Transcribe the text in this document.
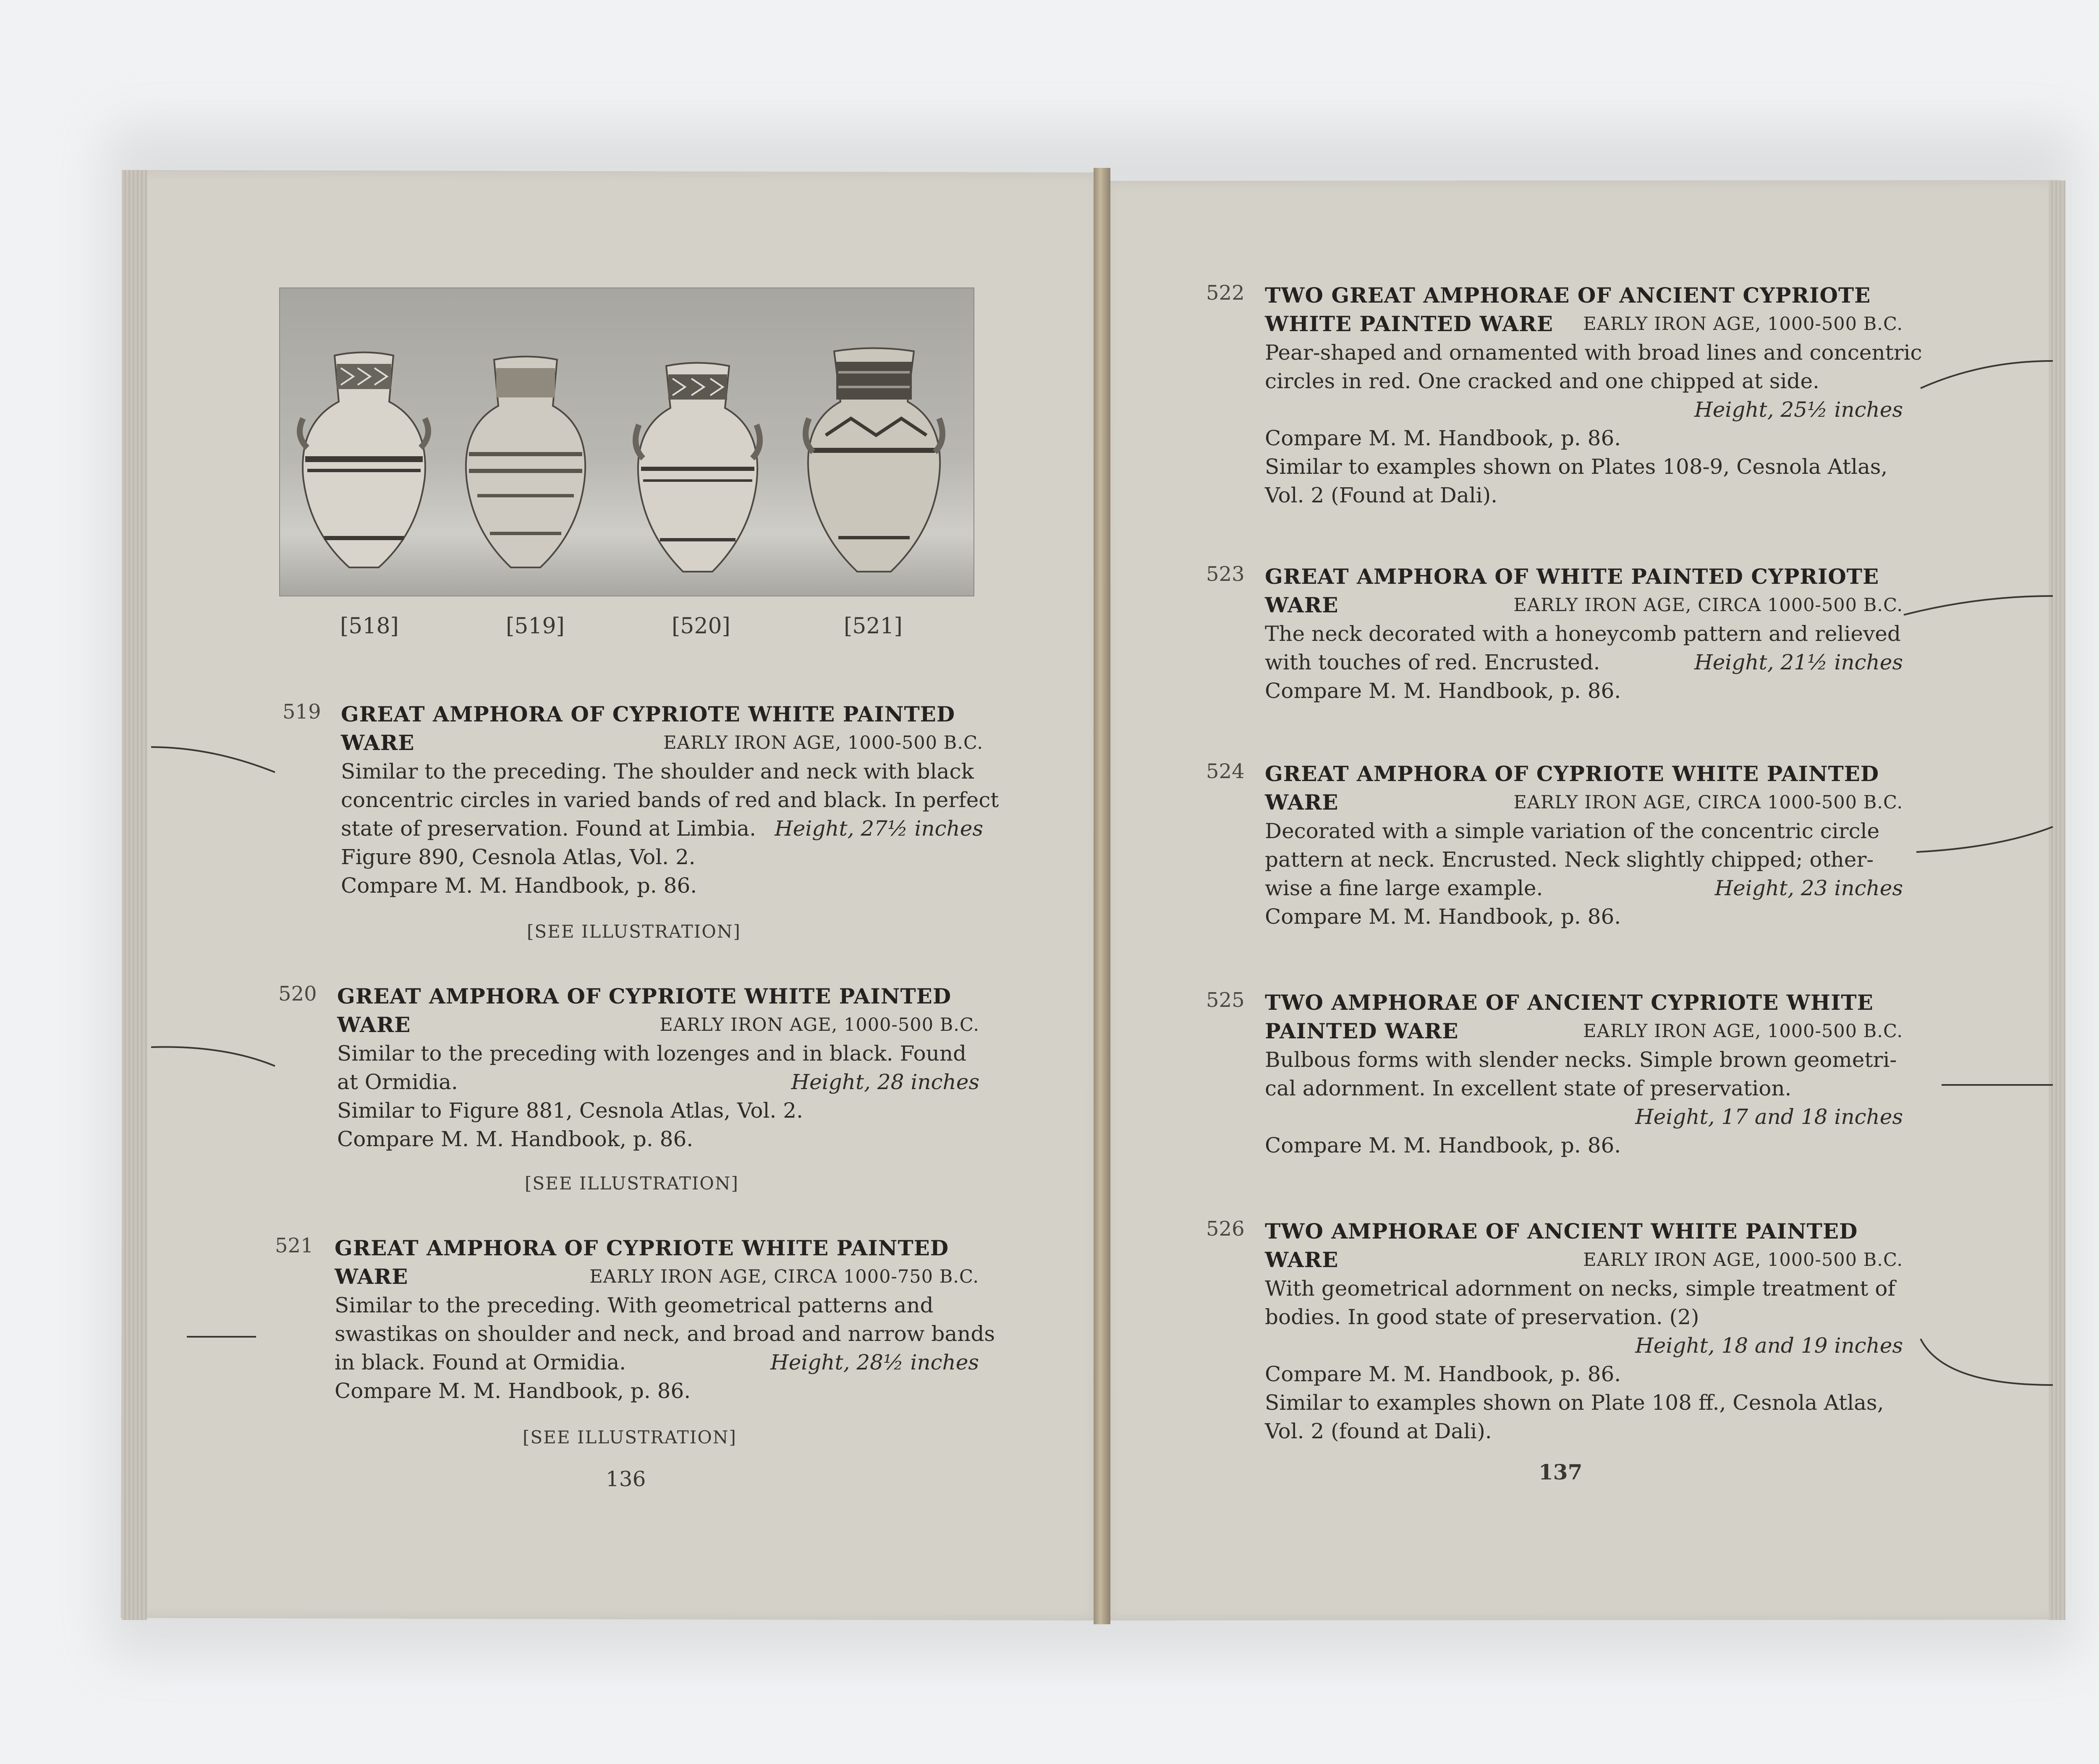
[518]	[519]	[520]	[521]
519 GREAT AMPHORA OF CYPRIOTE WHITE PAINTED
WARE	EARLY IRON AGE, 1000-500 B.C.
Similar to the preceding. The shoulder and neck with black
concentric circles in varied bands of red and black. In perfect
state of preservation. Found at Limbia. Height, 27½ inches
Figure 890, Cesnola Atlas, Vol. 2.
Compare M. M. Handbook, p. 86.
[SEE ILLUSTRATION]
520 GREAT AMPHORA OF CYPRIOTE WHITE PAINTED
WARE	EARLY IRON AGE, 1000-500 B.C.
Similar to the preceding with lozenges and in black. Found
at Ormidia.	Height, 28 inches
Similar to Figure 881, Cesnola Atlas, Vol. 2.
Compare M. M. Handbook, p. 86.
[SEE ILLUSTRATION]
521 GREAT AMPHORA OF CYPRIOTE WHITE PAINTED
WARE	EARLY IRON AGE, CIRCA 1000-750 B.C.
Similar to the preceding. With geometrical patterns and
swastikas on shoulder and neck, and broad and narrow bands
in black. Found at Ormidia.	Height, 28½ inches
Compare M. M. Handbook, p. 86.
[SEE ILLUSTRATION]
136
522 TWO GREAT AMPHORAE OF ANCIENT CYPRIOTE
WHITE PAINTED WARE EARLY IRON AGE, 1000-500 B.C.
Pear-shaped and ornamented with broad lines and concentric
circles in red. One cracked and one chipped at side.
Height, 25½ inches
Compare M. M. Handbook, p. 86.
Similar to examples shown on Plates 108-9, Cesnola Atlas,
Vol. 2 (Found at Dali).
523 GREAT AMPHORA OF WHITE PAINTED CYPRIOTE
WARE	EARLY IRON AGE, CIRCA 1000-500 B.C.
The neck decorated with a honeycomb pattern and relieved
with touches of red. Encrusted.	Height, 21½ inches
Compare M. M. Handbook, p. 86.
524 GREAT AMPHORA OF CYPRIOTE WHITE PAINTED
WARE	EARLY IRON AGE, CIRCA 1000-500 B.C.
Decorated with a simple variation of the concentric circle
pattern at neck. Encrusted. Neck slightly chipped; other-
wise a fine large example.	Height, 23 inches
Compare M. M. Handbook, p. 86.
525 TWO AMPHORAE OF ANCIENT CYPRIOTE WHITE
PAINTED WARE	EARLY IRON AGE, 1000-500 B.C.
Bulbous forms with slender necks. Simple brown geometri-
cal adornment. In excellent state of preservation.
Height, 17 and 18 inches
Compare M. M. Handbook, p. 86.
526 TWO AMPHORAE OF ANCIENT WHITE PAINTED
WARE	EARLY IRON AGE, 1000-500 B.C.
With geometrical adornment on necks, simple treatment of
bodies. In good state of preservation. (2)
Height, 18 and 19 inches
Compare M. M. Handbook, p. 86.
Similar to examples shown on Plate 108 ff., Cesnola Atlas,
Vol. 2 (found at Dali).
137
